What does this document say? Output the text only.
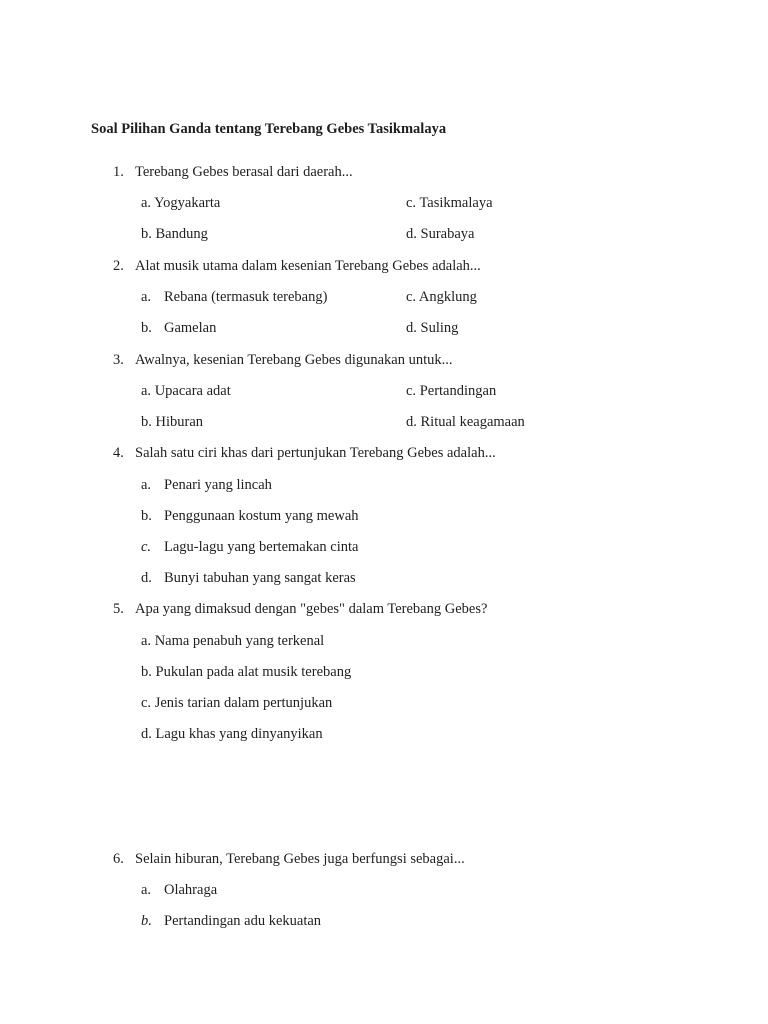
Soal Pilihan Ganda tentang Terebang Gebes Tasikmalaya
1. Terebang Gebes berasal dari daerah...
a. Yogyakarta
b. Bandung
c. Tasikmalaya
d. Surabaya
2. Alat musik utama dalam kesenian Terebang Gebes adalah...
a. Rebana (termasuk terebang)
b. Gamelan
c. Angklung
d. Suling
3. Awalnya, kesenian Terebang Gebes digunakan untuk...
a. Upacara adat
b. Hiburan
c. Pertandingan
d. Ritual keagamaan
4. Salah satu ciri khas dari pertunjukan Terebang Gebes adalah...
a. Penari yang lincah
b. Penggunaan kostum yang mewah
c. Lagu-lagu yang bertemakan cinta
d. Bunyi tabuhan yang sangat keras
5. Apa yang dimaksud dengan "gebes" dalam Terebang Gebes?
a. Nama penabuh yang terkenal
b. Pukulan pada alat musik terebang
c. Jenis tarian dalam pertunjukan
d. Lagu khas yang dinyanyikan
6. Selain hiburan, Terebang Gebes juga berfungsi sebagai...
a. Olahraga
b. Pertandingan adu kekuatan
